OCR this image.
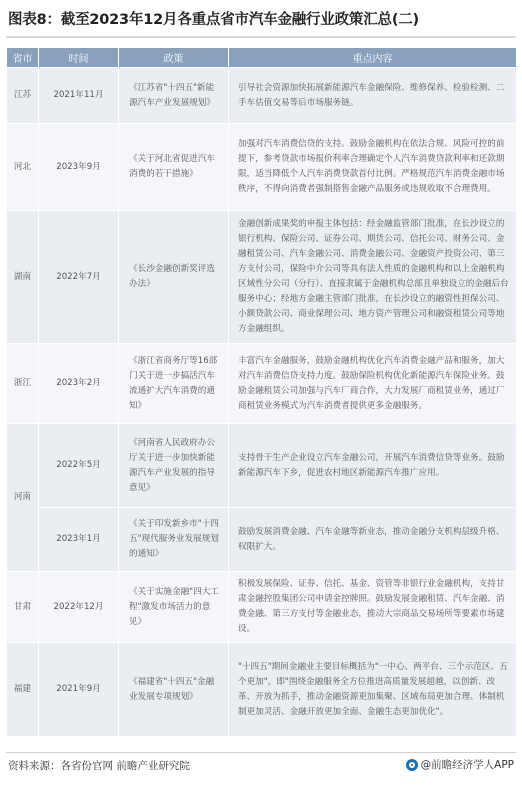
图表8：截至2023年12月各重点省市汽车金融行业政策汇总(二)
省市	时间	政策	重点内容
江苏	2021年11月	《江苏省"十四五"新能源汽车产业发展规划》	引导社会资源加快拓展新能源汽车金融保险、维修保养、检验检测、二手车估值交易等后市场服务链。
河北	2023年9月	《关于河北省促进汽车消费的若干措施》	加强对汽车消费信贷的支持。鼓励金融机构在依法合规、风险可控的前提下，参考贷款市场报价利率合理确定个人汽车消费贷款利率和还款期限，适当降低个人汽车消费贷款首付比例。严格规范汽车消费金融市场秩序，不得向消费者强制搭售金融产品服务或违规收取不合理费用。
湖南	2022年7月	《长沙金融创新奖评选办法》	金融创新成果奖的申报主体包括：经金融监管部门批准，在长沙设立的银行机构、保险公司、证券公司、期货公司、信托公司、财务公司、金融租赁公司、汽车金融公司、消费金融公司、金融资产投资公司、第三方支付公司，保险中介公司等具有法人性质的金融机构和以上金融机构区域性分公司（分行）、直接隶属于金融机构总部且单独设立的金融后台服务中心；经地方金融主管部门批准，在长沙设立的融资性担保公司、小额贷款公司、商业保理公司、地方资产管理公司和融资租赁公司等地方金融组织。
浙江	2023年2月	《浙江省商务厅等16部门关于进一步搞活汽车流通扩大汽车消费的通知》	丰富汽车金融服务，鼓励金融机构优化汽车消费金融产品和服务，加大对汽车消费信贷支持力度。鼓励保险机构优化新能源汽车保险业务。鼓励金融租赁公司加强与汽车厂商合作，大力发展厂商租赁业务，通过厂商租赁业务模式为汽车消费者提供更多金融服务。
河南	2022年5月	《河南省人民政府办公厅关于进一步加快新能源汽车产业发展的指导意见》	支持骨干生产企业设立汽车金融公司，开展汽车消费信贷等业务。鼓励新能源汽车下乡，促进农村地区新能源汽车推广应用。
	2023年1月	《关于印发新乡市"十四五"现代服务业发展规划的通知》	鼓励发展消费金融、汽车金融等新业态，推动金融分支机构层级升格、权限扩大。
甘肃	2022年12月	《关于实施金融"四大工程"激发市场活力的意见》	积极发展保险、证券、信托、基金、资管等非银行业金融机构，支持甘肃金融控股集团公司申请金控牌照。鼓励发展金融租赁、汽车金融、消费金融、第三方支付等金融业态，推动大宗商品交易场所等要素市场建设。
福建	2021年9月	《福建省"十四五"金融业发展专项规划》	"十四五"期间金融业主要目标概括为"一中心、两平台、三个示范区、五个更加"，即"围绕金融服务全方位推进高质量发展超越，以创新、改革、开放为抓手，推动金融资源更加集聚、区域布局更加合理、体制机制更加灵活、金融开放更加全面、金融生态更加优化"。
资料来源：各省份官网 前瞻产业研究院	@前瞻经济学人APP
